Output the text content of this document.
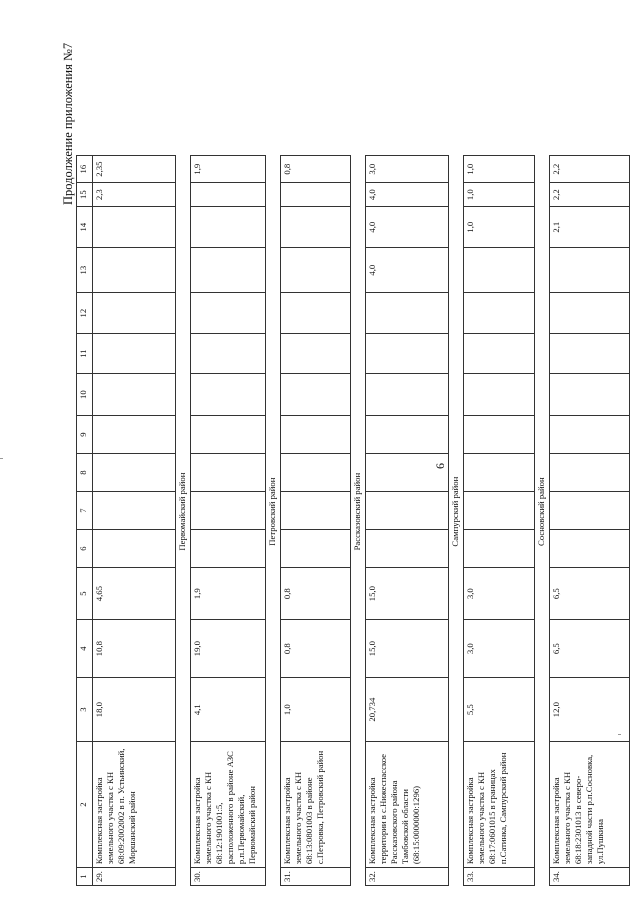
6
Продолжение приложения №7
1	2	3	4	5	6	7	8	9	10	11	12	13	14	15	16
29.	Комплексная застройка земельного участка с КН 68:09:2002002 в п. Устьинский, Моршанский район	18,0	10,8	4,65										2,3	2,35
	Первомайский район														
30.	Комплексная застройка земельного участка с КН 68:12:1901001:5, расположенного в районе АЗС р.п.Первомайский, Первомайский район	4,1	19,0	1,9											1,9
	Петровский район														
31.	Комплексная застройка земельного участка с КН 68:13:0801003 в районе с.Петровка, Петровский район	1,0	0,8	0,8											0,8
	Рассказовский район														
32.	Комплексная застройка территории в с.Нижеспасское Рассказовского района Тамбовской области (68:15:0000000:1296)	20,734	15,0	15,0								4,0	4,0	4,0	3,0
	Сампурский район														
33.	Комплексная застройка земельного участка с КН 68:17:0601015 в границах п.Сатинка, Сампурский район	5,5	3,0	3,0									1,0	1,0	1,0
	Сосновский район														
34.	Комплексная застройка земельного участка с КН 68:18:2301013 в северо-западной части р.п.Сосновка, ул.Пушкина	12,0	6,5	6,5									2,1	2,2	2,2
